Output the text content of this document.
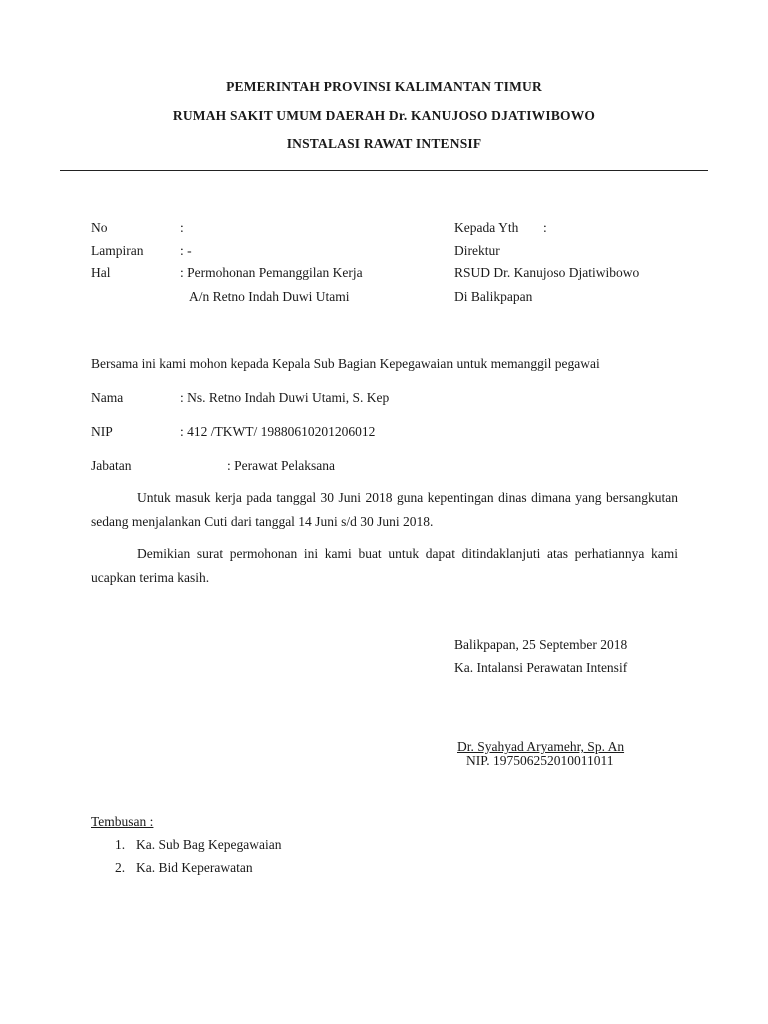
PEMERINTAH PROVINSI KALIMANTAN TIMUR
RUMAH SAKIT UMUM DAERAH Dr. KANUJOSO DJATIWIBOWO
INSTALASI RAWAT INTENSIF
No	:
Lampiran	: -
Hal	: Permohonan Pemanggilan Kerja
A/n Retno Indah Duwi Utami
Kepada Yth :
Direktur
RSUD Dr. Kanujoso Djatiwibowo
Di Balikpapan
Bersama ini kami mohon kepada Kepala Sub Bagian Kepegawaian untuk memanggil pegawai
Nama	: Ns. Retno Indah Duwi Utami, S. Kep
NIP	: 412 /TKWT/ 19880610201206012
Jabatan	: Perawat Pelaksana
Untuk masuk kerja pada tanggal 30 Juni 2018 guna kepentingan dinas dimana yang bersangkutan sedang menjalankan Cuti dari tanggal 14 Juni s/d 30 Juni 2018.
Demikian surat permohonan ini kami buat untuk dapat ditindaklanjuti atas perhatiannya kami ucapkan terima kasih.
Balikpapan, 25 September 2018
Ka. Intalansi Perawatan Intensif
Dr. Syahyad Aryamehr, Sp. An
NIP. 197506252010011011
Tembusan :
1. Ka. Sub Bag Kepegawaian
2. Ka. Bid Keperawatan
